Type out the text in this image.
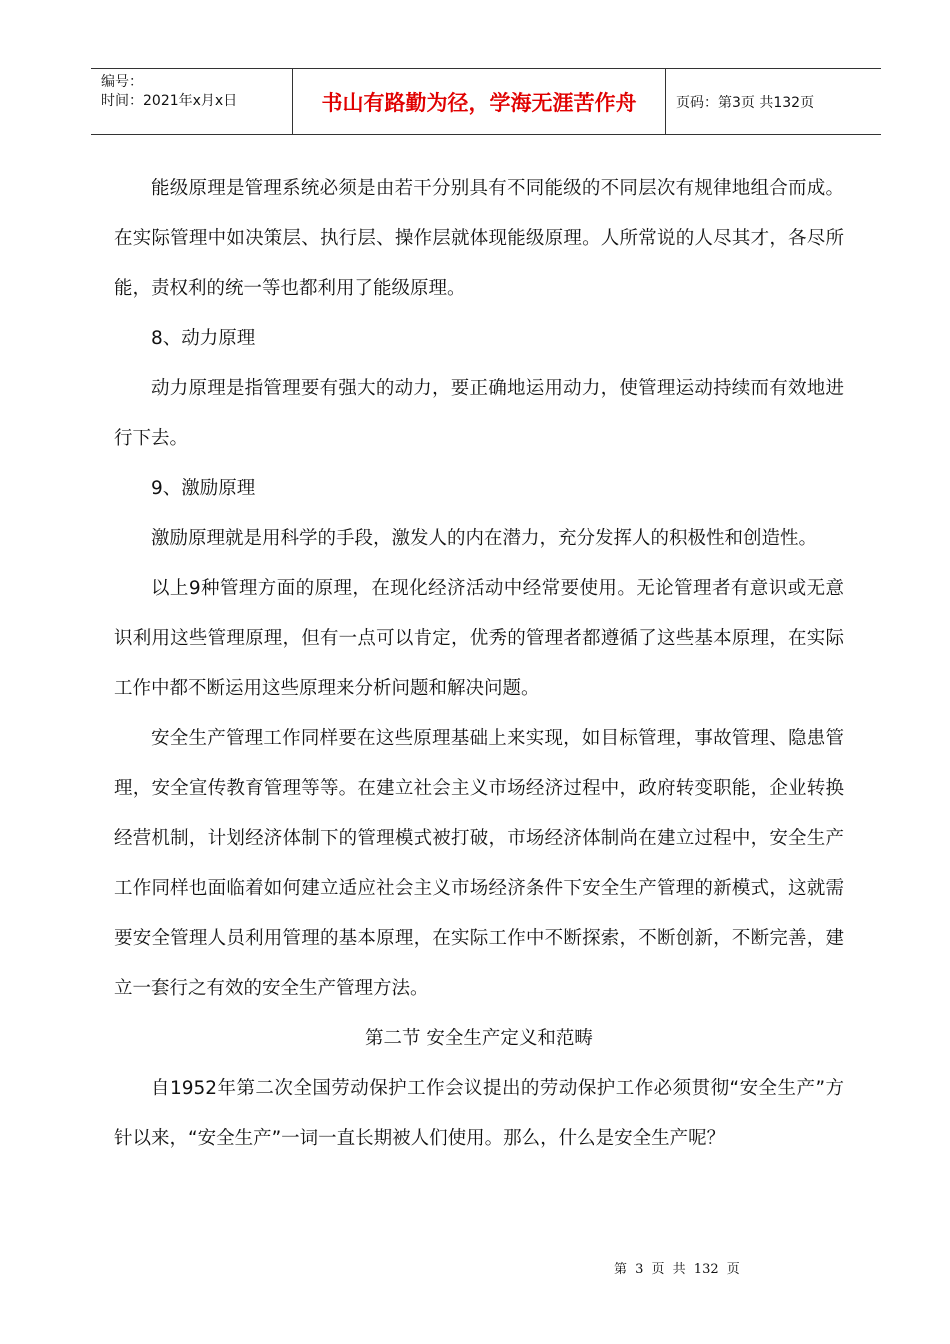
编号：
时间：2021年x月x日	书山有路勤为径，学海无涯苦作舟	页码：第3页 共132页

能级原理是管理系统必须是由若干分别具有不同能级的不同层次有规律地组合而成。在实际管理中如决策层、执行层、操作层就体现能级原理。人所常说的人尽其才，各尽所能，责权利的统一等也都利用了能级原理。

8、动力原理

动力原理是指管理要有强大的动力，要正确地运用动力，使管理运动持续而有效地进行下去。

9、激励原理

激励原理就是用科学的手段，激发人的内在潜力，充分发挥人的积极性和创造性。

以上9种管理方面的原理，在现化经济活动中经常要使用。无论管理者有意识或无意识利用这些管理原理，但有一点可以肯定，优秀的管理者都遵循了这些基本原理，在实际工作中都不断运用这些原理来分析问题和解决问题。

安全生产管理工作同样要在这些原理基础上来实现，如目标管理，事故管理、隐患管理，安全宣传教育管理等等。在建立社会主义市场经济过程中，政府转变职能，企业转换经营机制，计划经济体制下的管理模式被打破，市场经济体制尚在建立过程中，安全生产工作同样也面临着如何建立适应社会主义市场经济条件下安全生产管理的新模式，这就需要安全管理人员利用管理的基本原理，在实际工作中不断探索，不断创新，不断完善，建立一套行之有效的安全生产管理方法。

第二节 安全生产定义和范畴

自1952年第二次全国劳动保护工作会议提出的劳动保护工作必须贯彻“安全生产”方针以来，“安全生产”一词一直长期被人们使用。那么，什么是安全生产呢？

第 3 页 共 132 页
